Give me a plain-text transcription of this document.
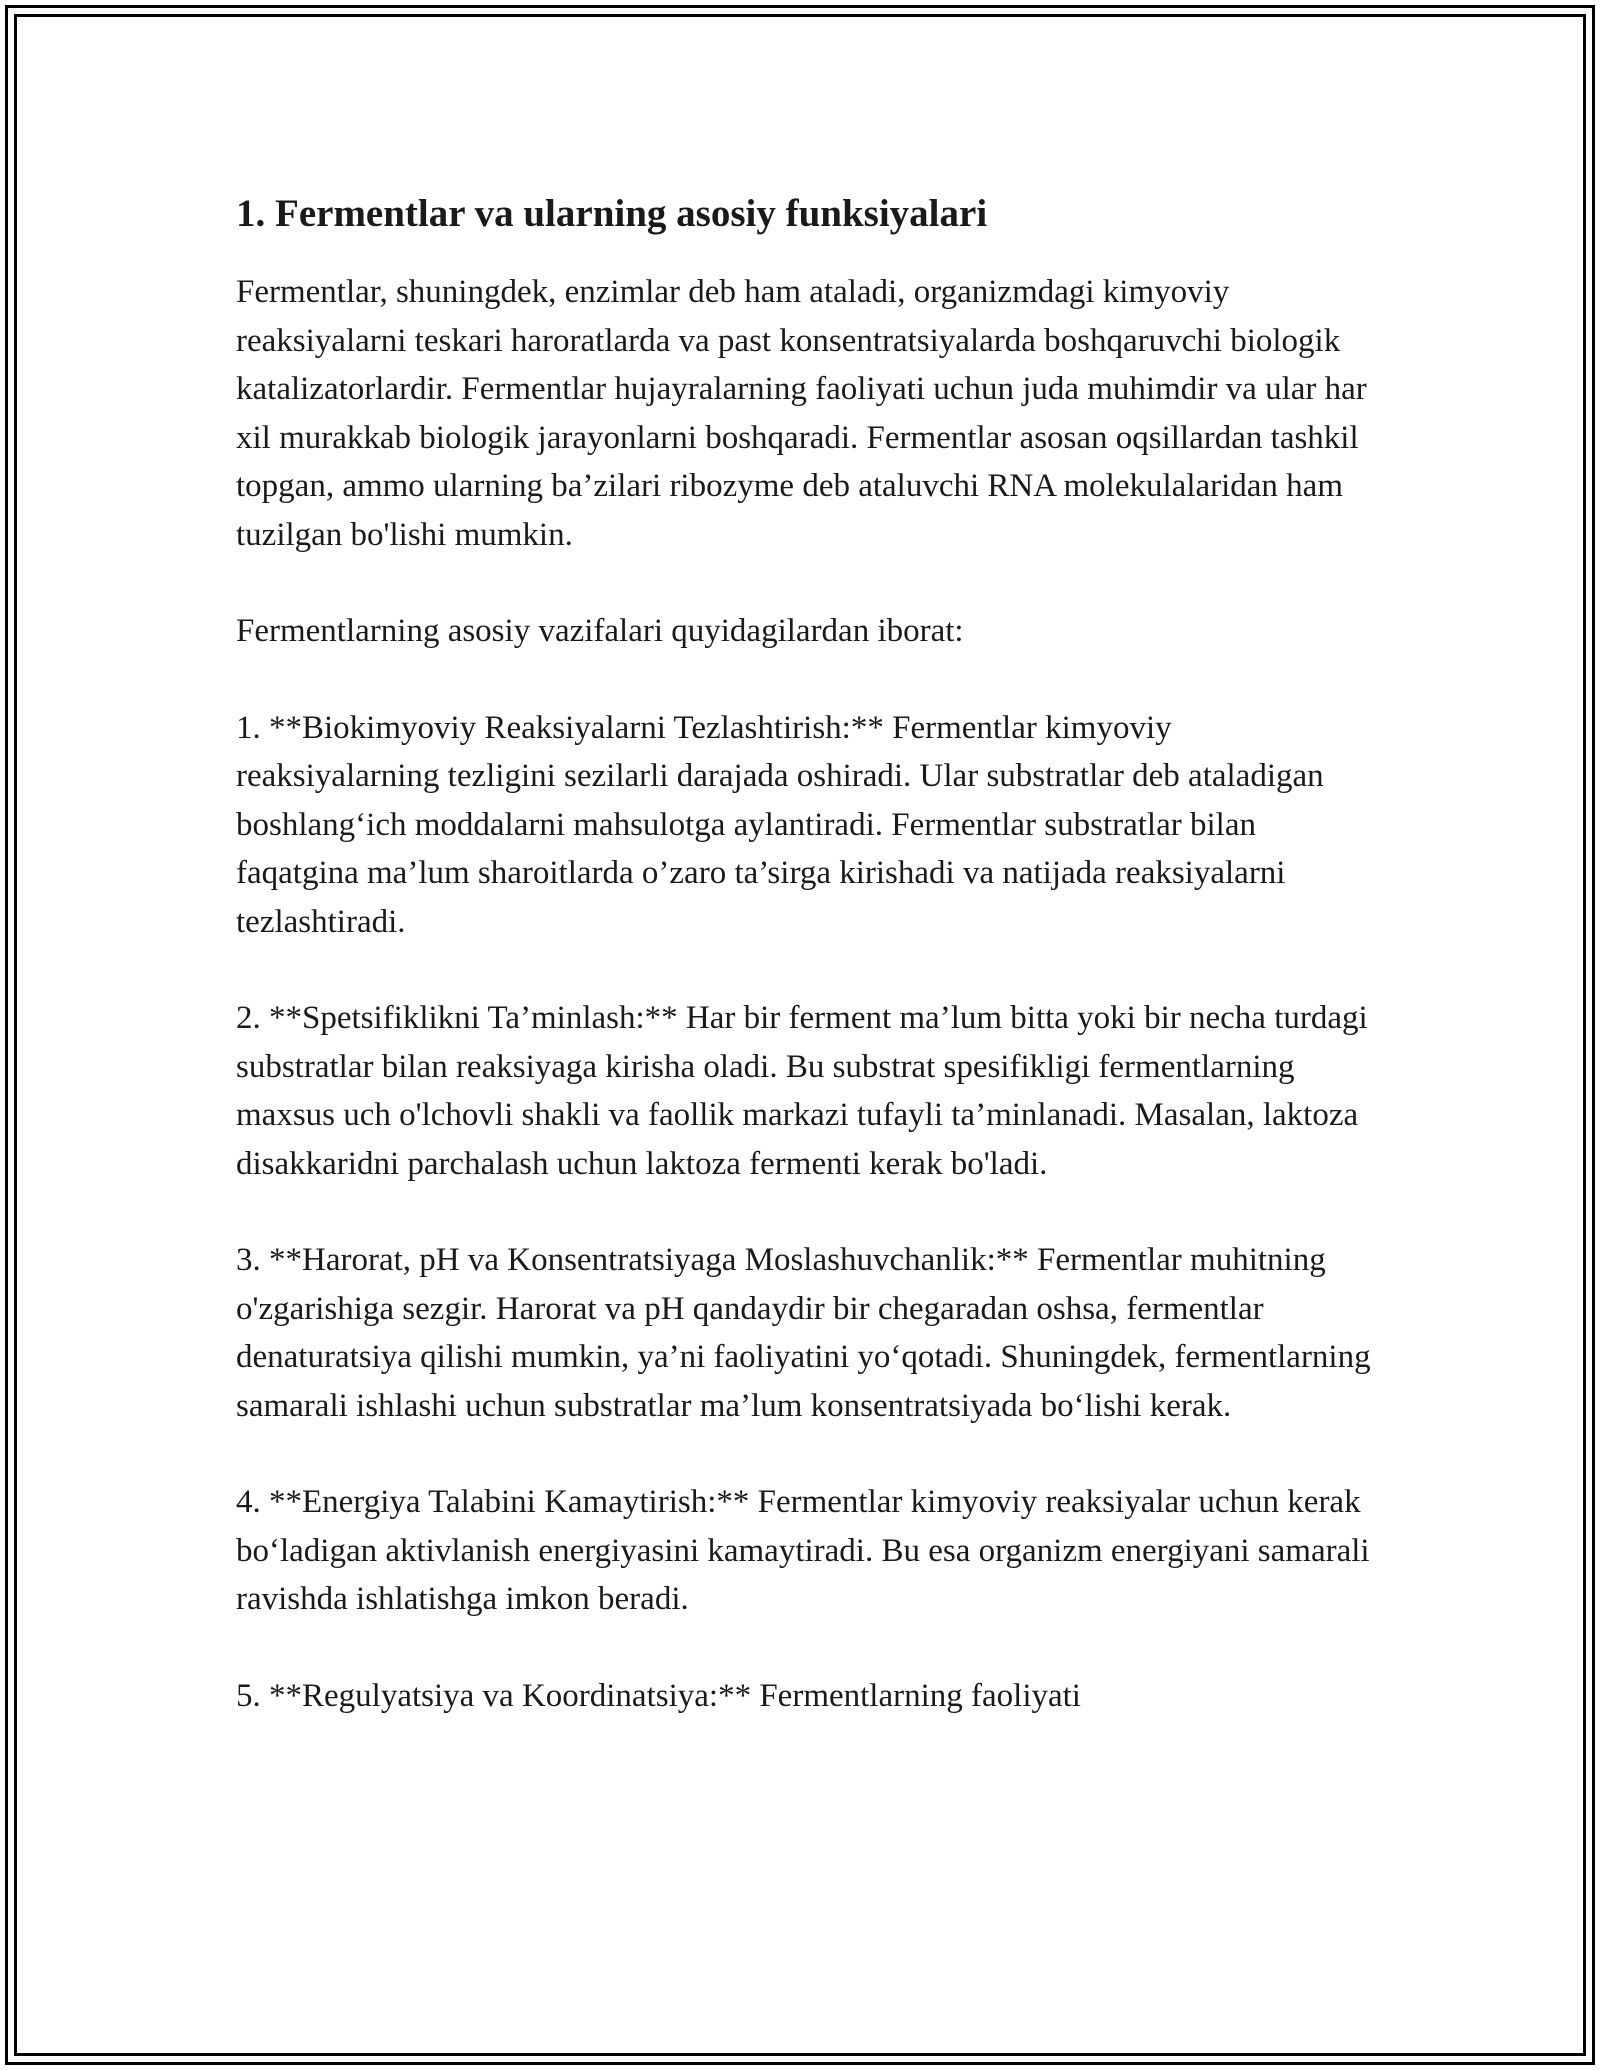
1. Fermentlar va ularning asosiy funksiyalari

Fermentlar, shuningdek, enzimlar deb ham ataladi, organizmdagi kimyoviy reaksiyalarni teskari haroratlarda va past konsentratsiyalarda boshqaruvchi biologik katalizatorlardir. Fermentlar hujayralarning faoliyati uchun juda muhimdir va ular har xil murakkab biologik jarayonlarni boshqaradi. Fermentlar asosan oqsillardan tashkil topgan, ammo ularning ba’zilari ribozyme deb ataluvchi RNA molekulalaridan ham tuzilgan bo'lishi mumkin.

Fermentlarning asosiy vazifalari quyidagilardan iborat:

1. **Biokimyoviy Reaksiyalarni Tezlashtirish:** Fermentlar kimyoviy reaksiyalarning tezligini sezilarli darajada oshiradi. Ular substratlar deb ataladigan boshlang‘ich moddalarni mahsulotga aylantiradi. Fermentlar substratlar bilan faqatgina ma’lum sharoitlarda o’zaro ta’sirga kirishadi va natijada reaksiyalarni tezlashtiradi.

2. **Spetsifiklikni Ta’minlash:** Har bir ferment ma’lum bitta yoki bir necha turdagi substratlar bilan reaksiyaga kirisha oladi. Bu substrat spesifikligi fermentlarning maxsus uch o'lchovli shakli va faollik markazi tufayli ta’minlanadi. Masalan, laktoza disakkaridni parchalash uchun laktoza fermenti kerak bo'ladi.

3. **Harorat, pH va Konsentratsiyaga Moslashuvchanlik:** Fermentlar muhitning o'zgarishiga sezgir. Harorat va pH qandaydir bir chegaradan oshsa, fermentlar denaturatsiya qilishi mumkin, ya’ni faoliyatini yo‘qotadi. Shuningdek, fermentlarning samarali ishlashi uchun substratlar ma’lum konsentratsiyada bo‘lishi kerak.

4. **Energiya Talabini Kamaytirish:** Fermentlar kimyoviy reaksiyalar uchun kerak bo‘ladigan aktivlanish energiyasini kamaytiradi. Bu esa organizm energiyani samarali ravishda ishlatishga imkon beradi.

5. **Regulyatsiya va Koordinatsiya:** Fermentlarning faoliyati
